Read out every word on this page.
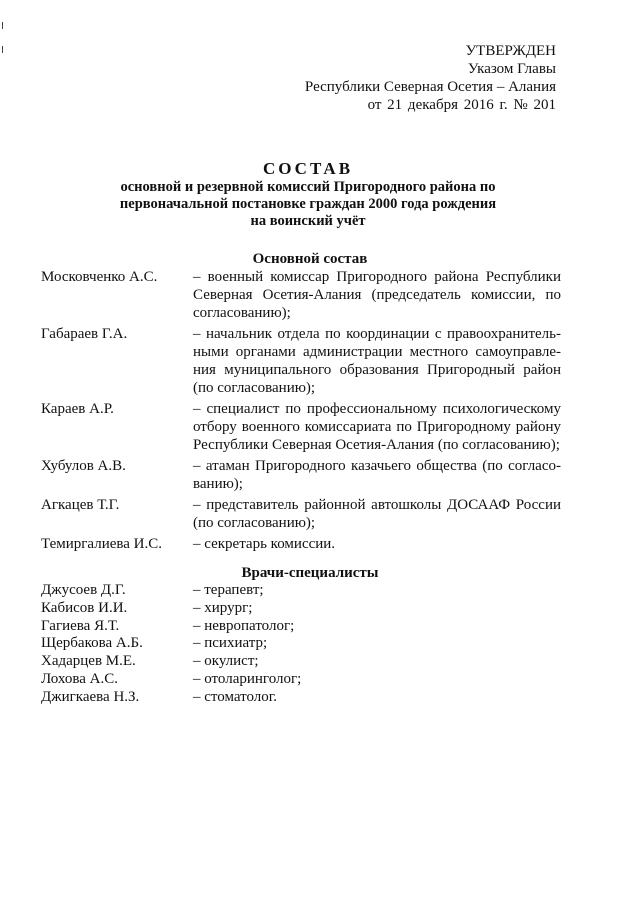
УТВЕРЖДЕН
Указом Главы
Республики Северная Осетия – Алания
от 21 декабря 2016 г. № 201
СОСТАВ
основной и резервной комиссий Пригородного района по
первоначальной постановке граждан 2000 года рождения
на воинский учёт
Основной состав
Московченко А.С.	– военный комиссар Пригородного района Республики Северная Осетия-Алания (председатель комиссии, по согласованию);
Габараев Г.А.	– начальник отдела по координации с правоохранительными органами администрации местного самоуправления муниципального образования Пригородный район (по согласованию);
Караев А.Р.	– специалист по профессиональному психологическому отбору военного комиссариата по Пригородному району Республики Северная Осетия-Алания (по согласованию);
Хубулов А.В.	– атаман Пригородного казачьего общества (по согласованию);
Агкацев Т.Г.	– представитель районной автошколы ДОСААФ России (по согласованию);
Темиргалиева И.С.	– секретарь комиссии.
Врачи-специалисты
Джусоев Д.Г.	– терапевт;
Кабисов И.И.	– хирург;
Гагиева Я.Т.	– невропатолог;
Щербакова А.Б.	– психиатр;
Хадарцев М.Е.	– окулист;
Лохова А.С.	– отоларинголог;
Джигкаева Н.З.	– стоматолог.
